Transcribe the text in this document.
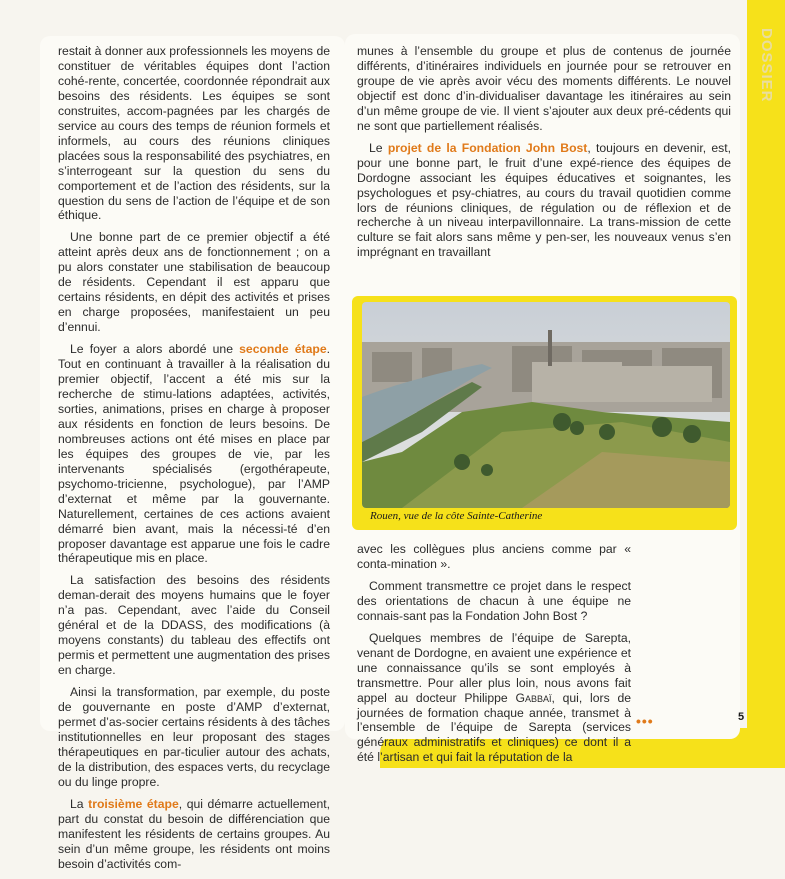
DOSSIER

restait à donner aux professionnels les moyens de constituer de véritables équipes dont l’action cohé-rente, concertée, coordonnée répondrait aux besoins des résidents. Les équipes se sont construites, accom-pagnées par les chargés de service au cours des temps de réunion formels et informels, au cours des réunions cliniques placées sous la responsabilité des psychiatres, en s’interrogeant sur la question du sens du comportement et de l’action des résidents, sur la question du sens de l’action de l’équipe et de son éthique.

Une bonne part de ce premier objectif a été atteint après deux ans de fonctionnement ; on a pu alors constater une stabilisation de beaucoup de résidents. Cependant il est apparu que certains résidents, en dépit des activités et prises en charge proposées, manifestaient un peu d’ennui.

Le foyer a alors abordé une seconde étape. Tout en continuant à travailler à la réalisation du premier objectif, l’accent a été mis sur la recherche de stimu-lations adaptées, activités, sorties, animations, prises en charge à proposer aux résidents en fonction de leurs besoins. De nombreuses actions ont été mises en place par les équipes des groupes de vie, par les intervenants spécialisés (ergothérapeute, psychomo-tricienne, psychologue), par l’AMP d’externat et même par la gouvernante. Naturellement, certaines de ces actions avaient démarré bien avant, mais la nécessi-té d’en proposer davantage est apparue une fois le cadre thérapeutique mis en place.

La satisfaction des besoins des résidents deman-derait des moyens humains que le foyer n’a pas. Cependant, avec l’aide du Conseil général et de la DDASS, des modifications (à moyens constants) du tableau des effectifs ont permis et permettent une augmentation des prises en charge.

Ainsi la transformation, par exemple, du poste de gouvernante en poste d’AMP d’externat, permet d’as-socier certains résidents à des tâches institutionnelles en leur proposant des stages thérapeutiques en par-ticulier autour des achats, de la distribution, des espaces verts, du recyclage ou du linge propre.

La troisième étape, qui démarre actuellement, part du constat du besoin de différenciation que manifestent les résidents de certains groupes. Au sein d’un même groupe, les résidents ont moins besoin d’activités com-

munes à l’ensemble du groupe et plus de contenus de journée différents, d’itinéraires individuels en journée pour se retrouver en groupe de vie après avoir vécu des moments différents. Le nouvel objectif est donc d’in-dividualiser davantage les itinéraires au sein d’un même groupe de vie. Il vient s’ajouter aux deux pré-cédents qui ne sont que partiellement réalisés.

Le projet de la Fondation John Bost, toujours en devenir, est, pour une bonne part, le fruit d’une expé-rience des équipes de Dordogne associant les équipes éducatives et soignantes, les psychologues et psy-chiatres, au cours du travail quotidien comme lors de réunions cliniques, de régulation ou de réflexion et de recherche à un niveau interpavillonnaire. La trans-mission de cette culture se fait alors sans même y pen-ser, les nouveaux venus s’en imprégnant en travaillant

Rouen, vue de la côte Sainte-Catherine

avec les collègues plus anciens comme par « conta-mination ».

Comment transmettre ce projet dans le respect des orientations de chacun à une équipe ne connais-sant pas la Fondation John Bost ?

Quelques membres de l’équipe de Sarepta, venant de Dordogne, en avaient une expérience et une connaissance qu’ils se sont employés à transmettre. Pour aller plus loin, nous avons fait appel au docteur Philippe Gabbaï, qui, lors de journées de formation chaque année, transmet à l’ensemble de l’équipe de Sarepta (services généraux administratifs et cliniques) ce dont il a été l’artisan et qui fait la réputation de la

•••	5
